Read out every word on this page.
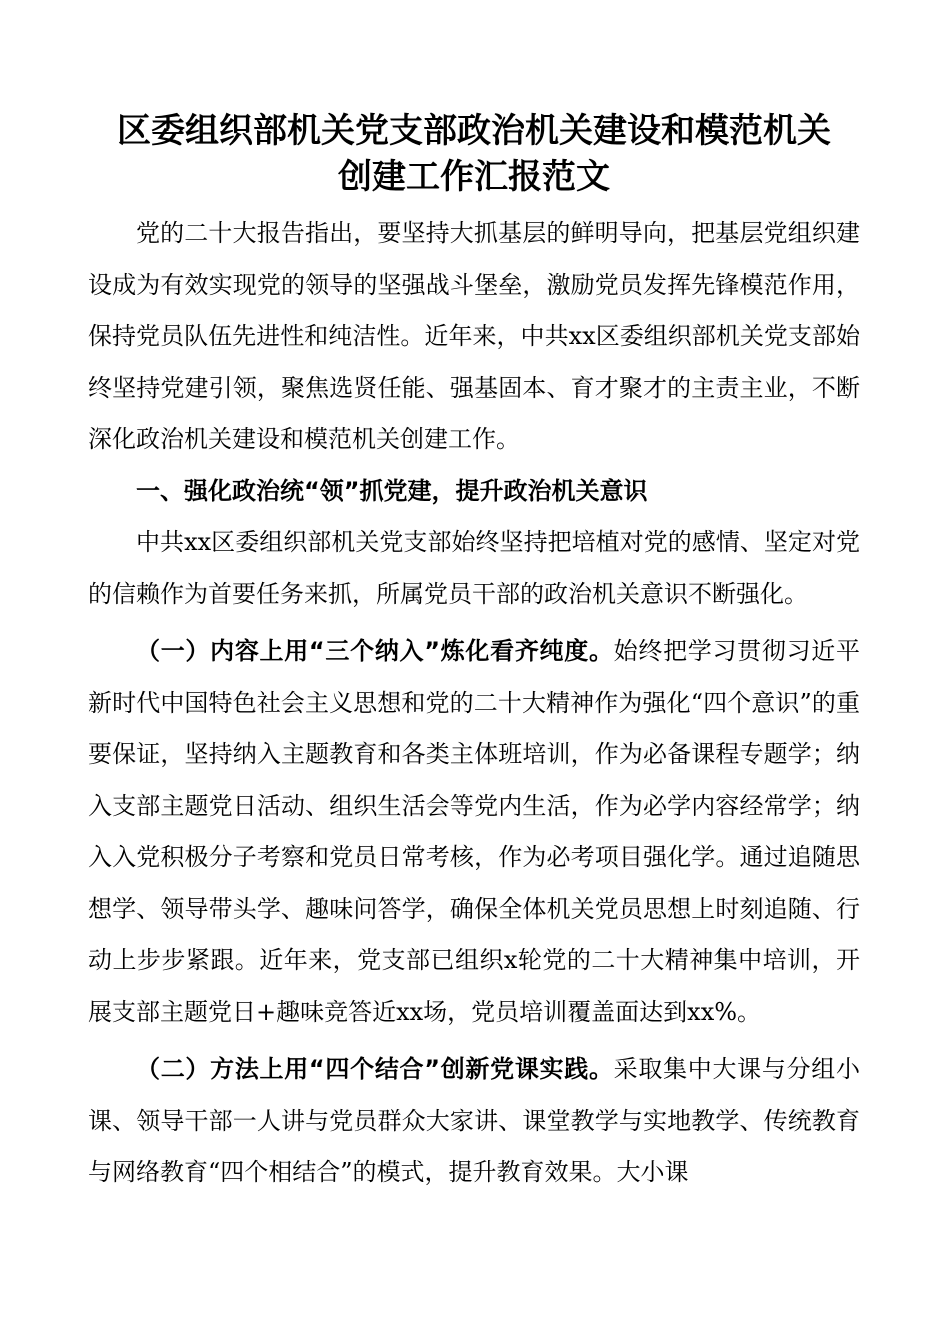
区委组织部机关党支部政治机关建设和模范机关
创建工作汇报范文

党的二十大报告指出，要坚持大抓基层的鲜明导向，把基层党组织建设成为有效实现党的领导的坚强战斗堡垒，激励党员发挥先锋模范作用，保持党员队伍先进性和纯洁性。近年来，中共xx区委组织部机关党支部始终坚持党建引领，聚焦选贤任能、强基固本、育才聚才的主责主业，不断深化政治机关建设和模范机关创建工作。

一、强化政治统“领”抓党建，提升政治机关意识

中共xx区委组织部机关党支部始终坚持把培植对党的感情、坚定对党的信赖作为首要任务来抓，所属党员干部的政治机关意识不断强化。

（一）内容上用“三个纳入”炼化看齐纯度。始终把学习贯彻习近平新时代中国特色社会主义思想和党的二十大精神作为强化“四个意识”的重要保证，坚持纳入主题教育和各类主体班培训，作为必备课程专题学；纳入支部主题党日活动、组织生活会等党内生活，作为必学内容经常学；纳入入党积极分子考察和党员日常考核，作为必考项目强化学。通过追随思想学、领导带头学、趣味问答学，确保全体机关党员思想上时刻追随、行动上步步紧跟。近年来，党支部已组织x轮党的二十大精神集中培训，开展支部主题党日+趣味竞答近xx场，党员培训覆盖面达到xx%。

（二）方法上用“四个结合”创新党课实践。采取集中大课与分组小课、领导干部一人讲与党员群众大家讲、课堂教学与实地教学、传统教育与网络教育“四个相结合”的模式，提升教育效果。大小课
